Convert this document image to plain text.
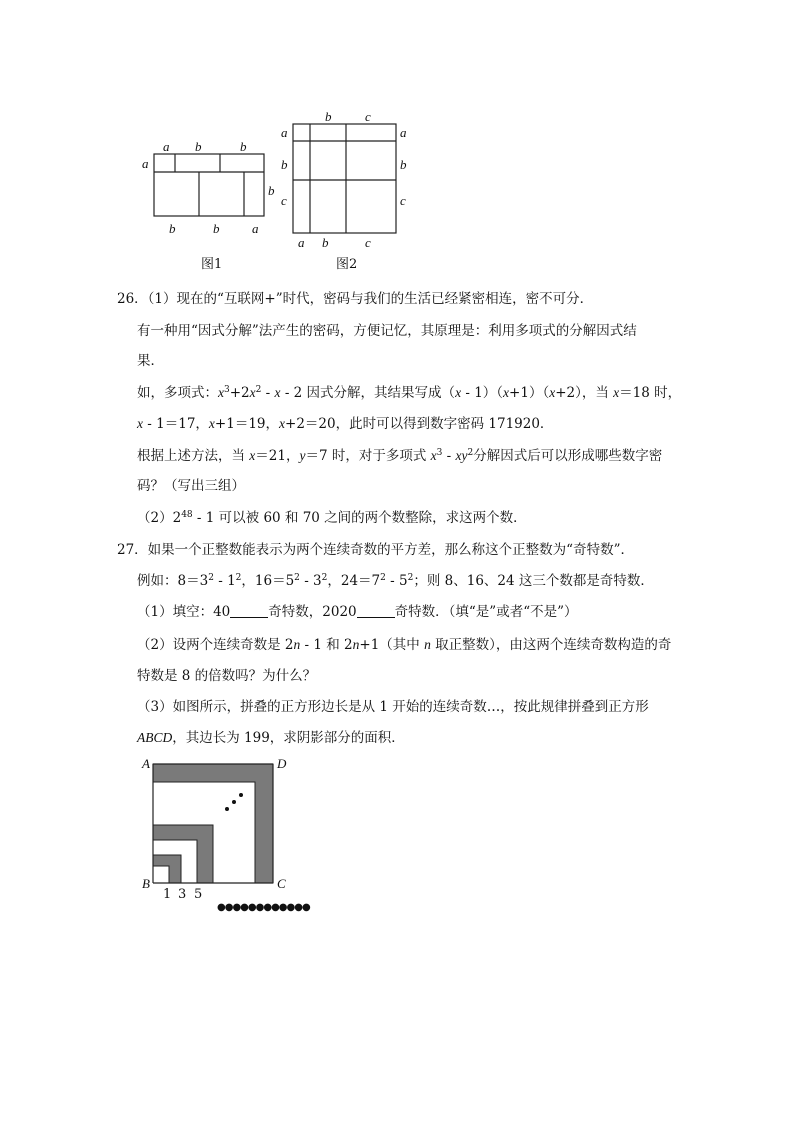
a b	b
a
b
b	b	a
图1
b	c
a
b
c
a
b
c
a b	c
图2
26．（1）现在的“互联网+”时代，密码与我们的生活已经紧密相连，密不可分．
有一种用“因式分解”法产生的密码，方便记忆，其原理是：利用多项式的分解因式结
果．
如，多项式：$x^3+2x^2 - x - 2$ 因式分解，其结果写成（x - 1）（x+1）（x+2），当 x＝18 时，
x - 1＝17，x+1＝19，x+2＝20，此时可以得到数字密码 171920．
根据上述方法，当 x＝21，y＝7 时，对于多项式 $x^3 - xy^2$分解因式后可以形成哪些数字密
码？（写出三组）
$(2)2^{48} - 1$ 可以被 60 和 70 之间的两个数整除，求这两个数．
27．如果一个正整数能表示为两个连续奇数的平方差，那么称这个正整数为“奇特数”．
例如：$8=3^2 - 1^2$，$16=5^2 - 3^2$，$24=7^2 - 5^2$；则 8、16、24 这三个数都是奇特数．
（1）填空：40	奇特数，2020	奇特数．（填“是”或者“不是”）
（2）设两个连续奇数是 2n - 1 和 2n+1（其中 n 取正整数），由这两个连续奇数构造的奇
特数是 8 的倍数吗？为什么？
（3）如图所示，拼叠的正方形边长是从 1 开始的连续奇数…，按此规律拼叠到正方形
ABCD，其边长为 199，求阴影部分的面积．
A	D
B	C
1 3 5
●●●●●●●●●●●●
